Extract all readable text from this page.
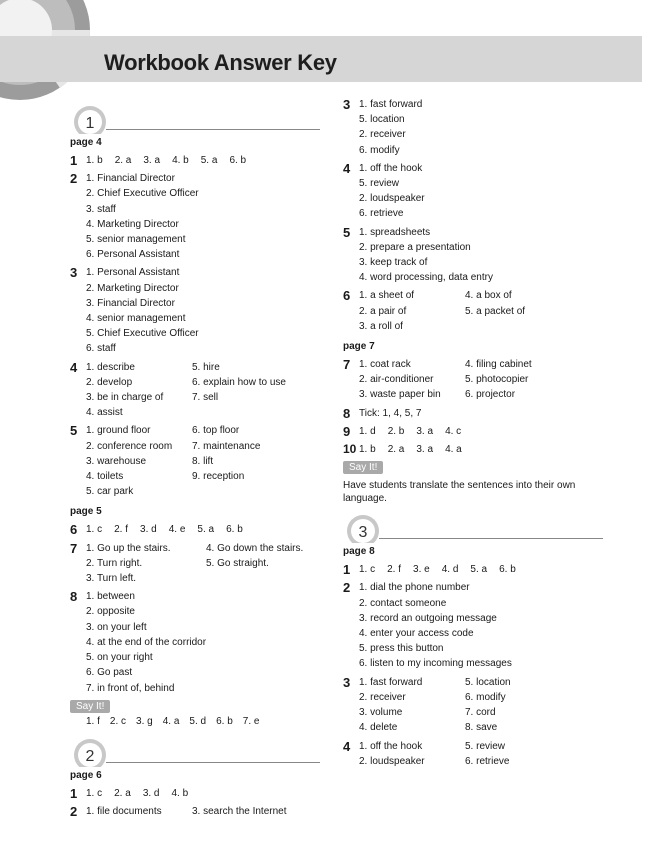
Workbook Answer Key
1
page 4
1 1. b 2. a 3. a 4. b 5. a 6. b
2 1. Financial Director
2. Chief Executive Officer
3. staff
4. Marketing Director
5. senior management
6. Personal Assistant
3 1. Personal Assistant
2. Marketing Director
3. Financial Director
4. senior management
5. Chief Executive Officer
6. staff
4 1. describe	5. hire
2. develop	6. explain how to use
3. be in charge of	7. sell
4. assist
5 1. ground floor	6. top floor
2. conference room	7. maintenance
3. warehouse	8. lift
4. toilets	9. reception
5. car park
page 5
6 1. c 2. f 3. d 4. e 5. a 6. b
7 1. Go up the stairs.	4. Go down the stairs.
2. Turn right.	5. Go straight.
3. Turn left.
8 1. between
2. opposite
3. on your left
4. at the end of the corridor
5. on your right
6. Go past
7. in front of, behind
Say It!
1. f 2. c 3. g 4. a 5. d 6. b 7. e
2
page 6
1 1. c 2. a 3. d 4. b
2 1. file documents	3. search the Internet
3 1. fast forward
5. location
2. receiver
6. modify
4 1. off the hook
5. review
2. loudspeaker
6. retrieve
5 1. spreadsheets
2. prepare a presentation
3. keep track of
4. word processing, data entry
6 1. a sheet of	4. a box of
2. a pair of	5. a packet of
3. a roll of
page 7
7 1. coat rack	4. filing cabinet
2. air-conditioner	5. photocopier
3. waste paper bin	6. projector
8 Tick: 1, 4, 5, 7
9 1. d 2. b 3. a 4. c
10 1. b 2. a 3. a 4. a
Say It!
Have students translate the sentences into their own language.
3
page 8
1 1. c 2. f 3. e 4. d 5. a 6. b
2 1. dial the phone number
2. contact someone
3. record an outgoing message
4. enter your access code
5. press this button
6. listen to my incoming messages
3 1. fast forward	5. location
2. receiver	6. modify
3. volume	7. cord
4. delete	8. save
4 1. off the hook	5. review
2. loudspeaker	6. retrieve
